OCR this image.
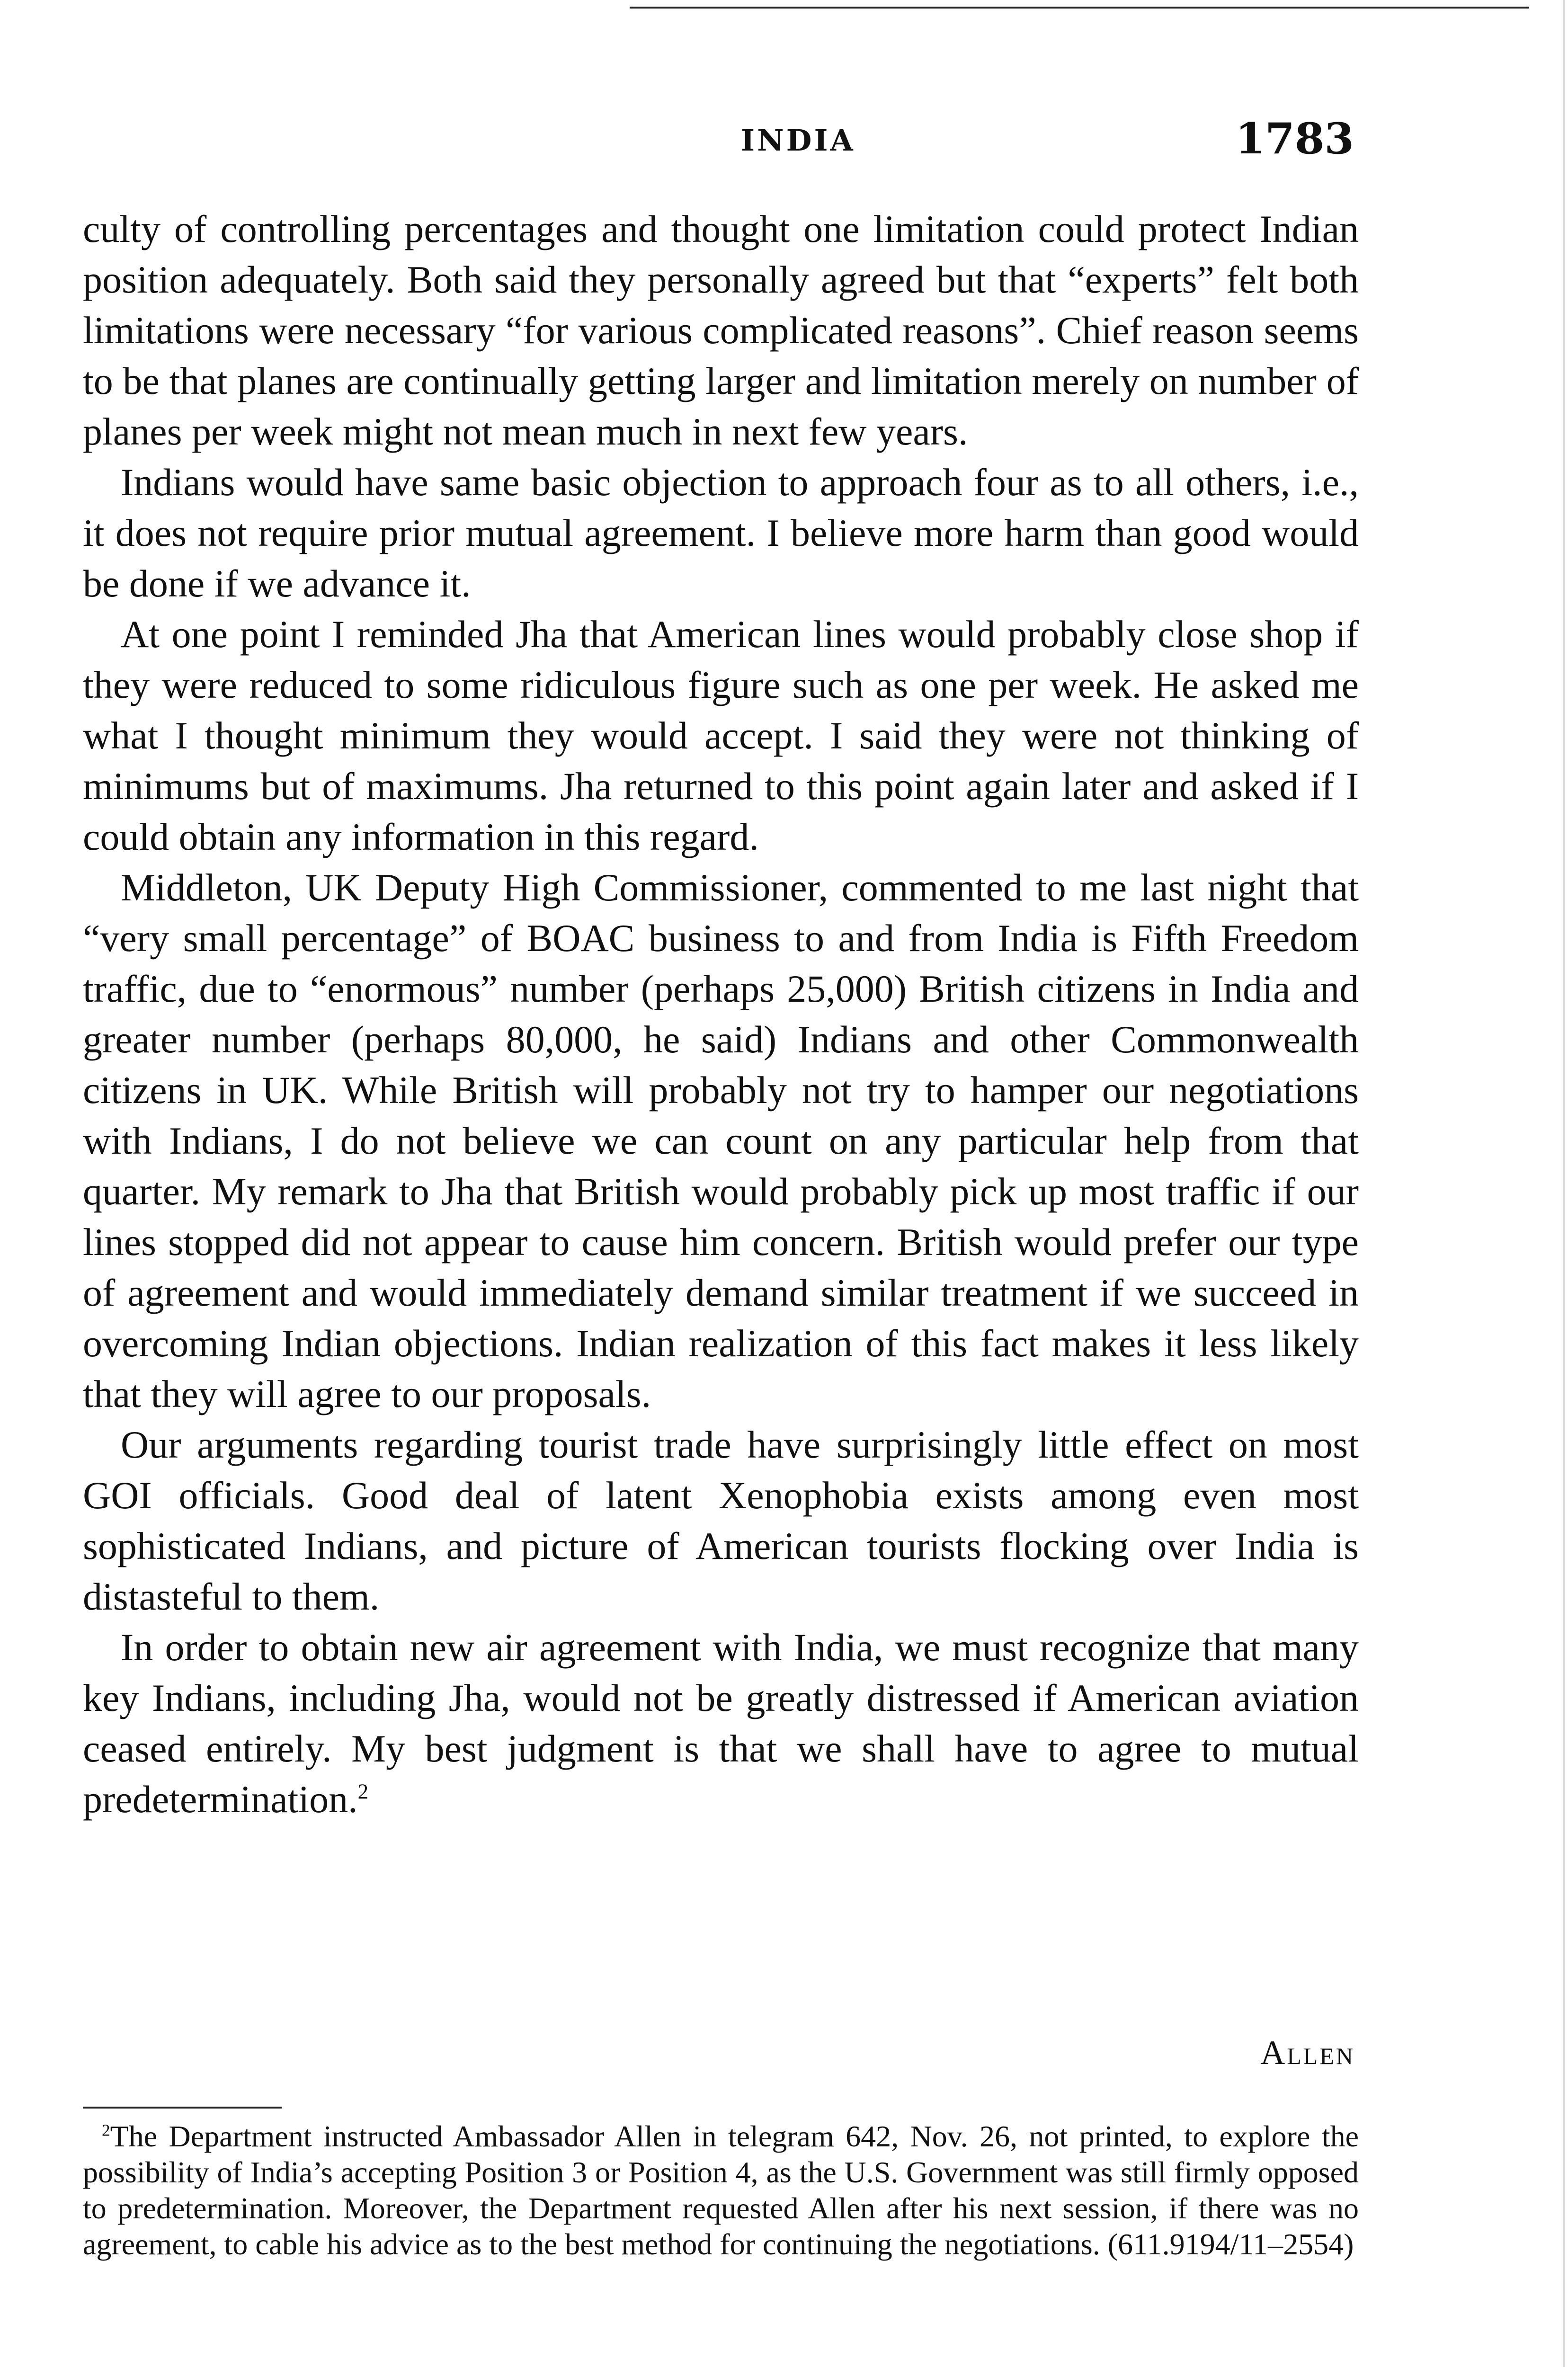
INDIA	1783

culty of controlling percentages and thought one limitation could protect Indian position adequately. Both said they personally agreed but that “experts” felt both limitations were necessary “for various complicated reasons”. Chief reason seems to be that planes are continually getting larger and limitation merely on number of planes per week might not mean much in next few years.

Indians would have same basic objection to approach four as to all others, i.e., it does not require prior mutual agreement. I believe more harm than good would be done if we advance it.

At one point I reminded Jha that American lines would probably close shop if they were reduced to some ridiculous figure such as one per week. He asked me what I thought minimum they would accept. I said they were not thinking of minimums but of maximums. Jha returned to this point again later and asked if I could obtain any information in this regard.

Middleton, UK Deputy High Commissioner, commented to me last night that “very small percentage” of BOAC business to and from India is Fifth Freedom traffic, due to “enormous” number (perhaps 25,000) British citizens in India and greater number (perhaps 80,000, he said) Indians and other Commonwealth citizens in UK. While British will probably not try to hamper our negotiations with Indians, I do not believe we can count on any particular help from that quarter. My remark to Jha that British would probably pick up most traffic if our lines stopped did not appear to cause him concern. British would prefer our type of agreement and would immediately demand similar treatment if we succeed in overcoming Indian objections. Indian realization of this fact makes it less likely that they will agree to our proposals.

Our arguments regarding tourist trade have surprisingly little effect on most GOI officials. Good deal of latent Xenophobia exists among even most sophisticated Indians, and picture of American tourists flocking over India is distasteful to them.

In order to obtain new air agreement with India, we must recognize that many key Indians, including Jha, would not be greatly distressed if American aviation ceased entirely. My best judgment is that we shall have to agree to mutual predetermination.$^2$

Allen

$^2$The Department instructed Ambassador Allen in telegram 642, Nov. 26, not printed, to explore the possibility of India’s accepting Position 3 or Position 4, as the U.S. Government was still firmly opposed to predetermination. Moreover, the Department requested Allen after his next session, if there was no agreement, to cable his advice as to the best method for continuing the negotiations. (611.9194/11–2554)
